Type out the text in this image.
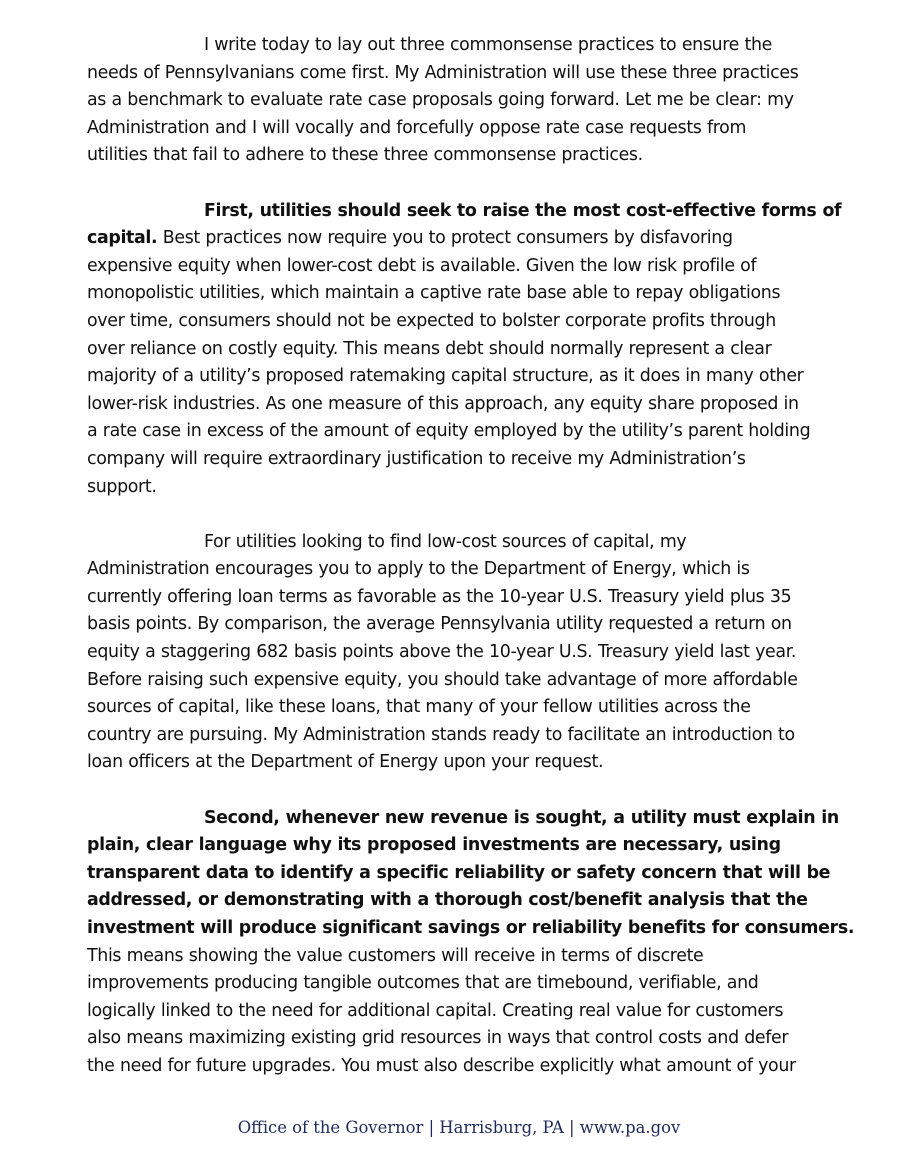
I write today to lay out three commonsense practices to ensure the
needs of Pennsylvanians come first. My Administration will use these three practices
as a benchmark to evaluate rate case proposals going forward. Let me be clear: my
Administration and I will vocally and forcefully oppose rate case requests from
utilities that fail to adhere to these three commonsense practices.
First, utilities should seek to raise the most cost-effective forms of
capital. Best practices now require you to protect consumers by disfavoring
expensive equity when lower-cost debt is available. Given the low risk profile of
monopolistic utilities, which maintain a captive rate base able to repay obligations
over time, consumers should not be expected to bolster corporate profits through
over reliance on costly equity. This means debt should normally represent a clear
majority of a utility’s proposed ratemaking capital structure, as it does in many other
lower-risk industries. As one measure of this approach, any equity share proposed in
a rate case in excess of the amount of equity employed by the utility’s parent holding
company will require extraordinary justification to receive my Administration’s
support.
For utilities looking to find low-cost sources of capital, my
Administration encourages you to apply to the Department of Energy, which is
currently offering loan terms as favorable as the 10-year U.S. Treasury yield plus 35
basis points. By comparison, the average Pennsylvania utility requested a return on
equity a staggering 682 basis points above the 10-year U.S. Treasury yield last year.
Before raising such expensive equity, you should take advantage of more affordable
sources of capital, like these loans, that many of your fellow utilities across the
country are pursuing. My Administration stands ready to facilitate an introduction to
loan officers at the Department of Energy upon your request.
Second, whenever new revenue is sought, a utility must explain in
plain, clear language why its proposed investments are necessary, using
transparent data to identify a specific reliability or safety concern that will be
addressed, or demonstrating with a thorough cost/benefit analysis that the
investment will produce significant savings or reliability benefits for consumers.
This means showing the value customers will receive in terms of discrete
improvements producing tangible outcomes that are timebound, verifiable, and
logically linked to the need for additional capital. Creating real value for customers
also means maximizing existing grid resources in ways that control costs and defer
the need for future upgrades. You must also describe explicitly what amount of your
Office of the Governor | Harrisburg, PA | www.pa.gov
